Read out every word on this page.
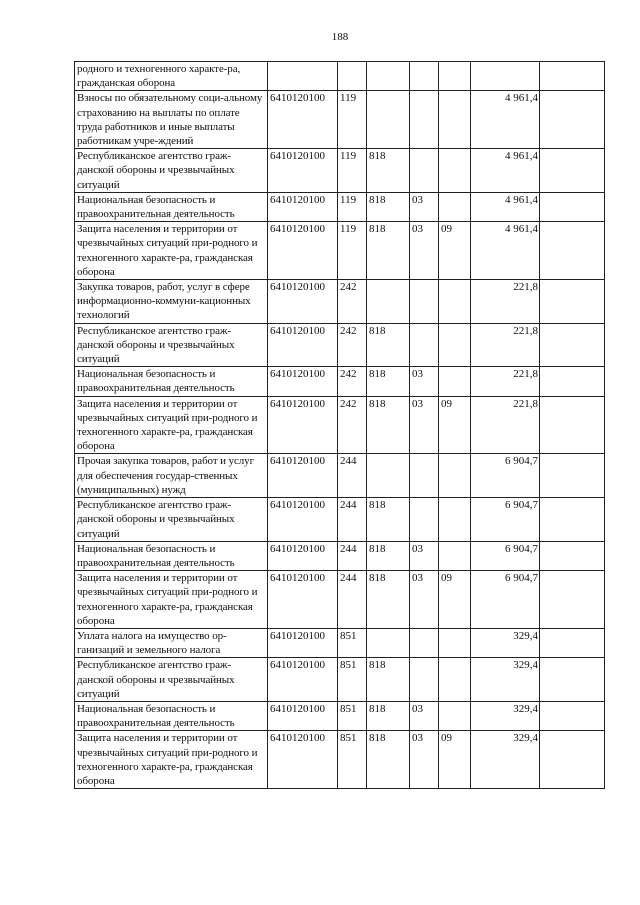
188
родного и техногенного характе-ра, гражданская оборона							
Взносы по обязательному соци-альному страхованию на выплаты по оплате труда работников и иные выплаты работникам учре-ждений	6410120100	119				4 961,4	
Республиканское агентство граж-данской обороны и чрезвычайных ситуаций	6410120100	119	818			4 961,4	
Национальная безопасность и правоохранительная деятельность	6410120100	119	818	03		4 961,4	
Защита населения и территории от чрезвычайных ситуаций при-родного и техногенного характе-ра, гражданская оборона	6410120100	119	818	03	09	4 961,4	
Закупка товаров, работ, услуг в сфере информационно-коммуни-кационных технологий	6410120100	242				221,8	
Республиканское агентство граж-данской обороны и чрезвычайных ситуаций	6410120100	242	818			221,8	
Национальная безопасность и правоохранительная деятельность	6410120100	242	818	03		221,8	
Защита населения и территории от чрезвычайных ситуаций при-родного и техногенного характе-ра, гражданская оборона	6410120100	242	818	03	09	221,8	
Прочая закупка товаров, работ и услуг для обеспечения государ-ственных (муниципальных) нужд	6410120100	244				6 904,7	
Республиканское агентство граж-данской обороны и чрезвычайных ситуаций	6410120100	244	818			6 904,7	
Национальная безопасность и правоохранительная деятельность	6410120100	244	818	03		6 904,7	
Защита населения и территории от чрезвычайных ситуаций при-родного и техногенного характе-ра, гражданская оборона	6410120100	244	818	03	09	6 904,7	
Уплата налога на имущество ор-ганизаций и земельного налога	6410120100	851				329,4	
Республиканское агентство граж-данской обороны и чрезвычайных ситуаций	6410120100	851	818			329,4	
Национальная безопасность и правоохранительная деятельность	6410120100	851	818	03		329,4	
Защита населения и территории от чрезвычайных ситуаций при-родного и техногенного характе-ра, гражданская оборона	6410120100	851	818	03	09	329,4	
